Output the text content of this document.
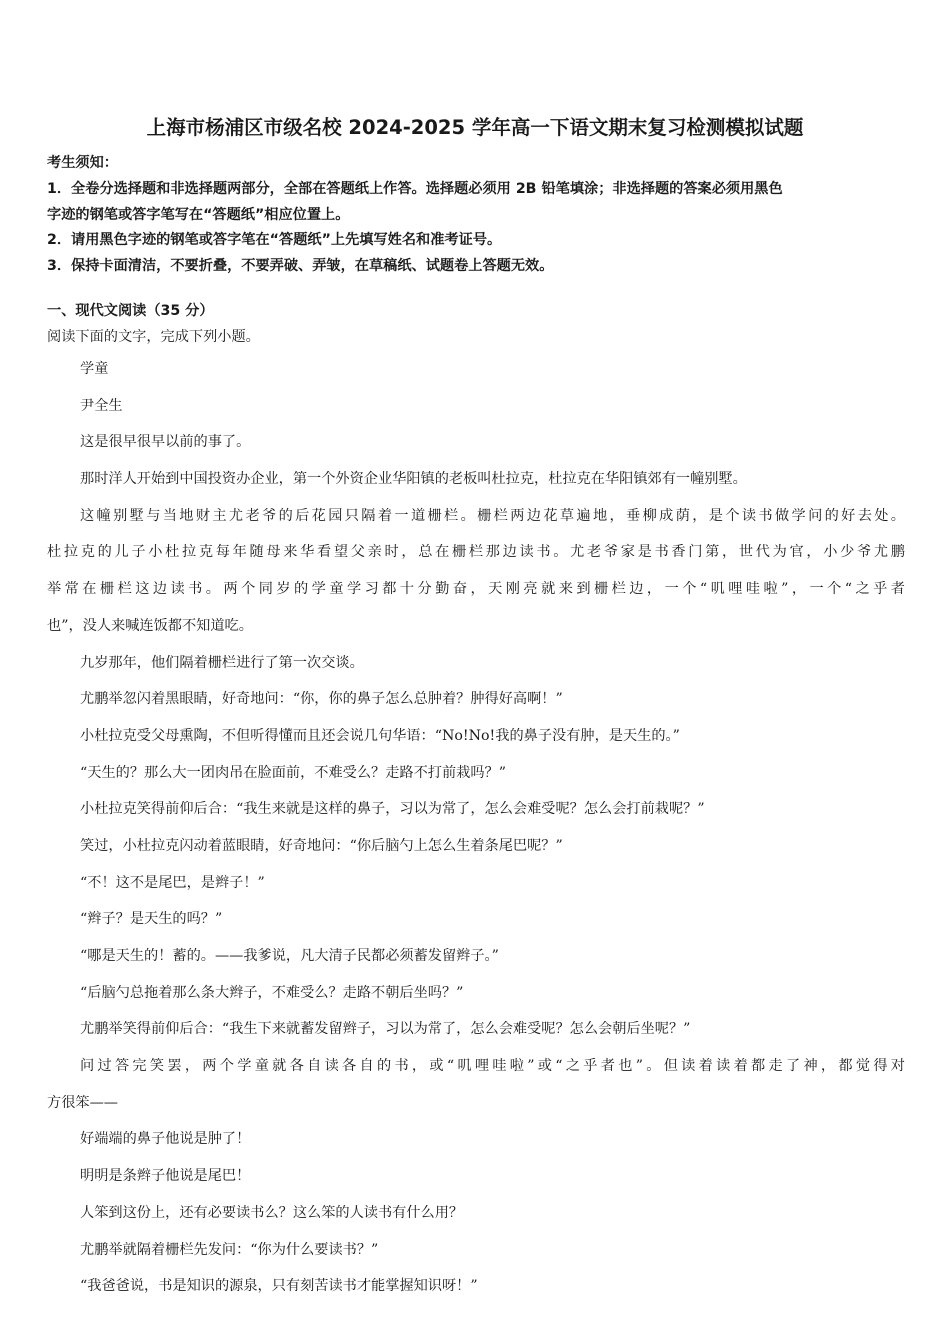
上海市杨浦区市级名校 2024-2025 学年高一下语文期末复习检测模拟试题
考生须知：
1．全卷分选择题和非选择题两部分，全部在答题纸上作答。选择题必须用 2B 铅笔填涂；非选择题的答案必须用黑色
字迹的钢笔或答字笔写在“答题纸”相应位置上。
2．请用黑色字迹的钢笔或答字笔在“答题纸”上先填写姓名和准考证号。
3．保持卡面清洁，不要折叠，不要弄破、弄皱，在草稿纸、试题卷上答题无效。
一、现代文阅读（35 分）
阅读下面的文字，完成下列小题。
学童
尹全生
这是很早很早以前的事了。
那时洋人开始到中国投资办企业，第一个外资企业华阳镇的老板叫杜拉克，杜拉克在华阳镇郊有一幢别墅。
这幢别墅与当地财主尤老爷的后花园只隔着一道栅栏。栅栏两边花草遍地，垂柳成荫，是个读书做学问的好去处。
杜拉克的儿子小杜拉克每年随母来华看望父亲时，总在栅栏那边读书。尤老爷家是书香门第，世代为官，小少爷尤鹏
举常在栅栏这边读书。两个同岁的学童学习都十分勤奋，天刚亮就来到栅栏边，一个“叽哩哇啦”，一个“之乎者
也”，没人来喊连饭都不知道吃。
九岁那年，他们隔着栅栏进行了第一次交谈。
尤鹏举忽闪着黑眼睛，好奇地问：“你，你的鼻子怎么总肿着？肿得好高啊！”
小杜拉克受父母熏陶，不但听得懂而且还会说几句华语：“No!No!我的鼻子没有肿，是天生的。”
“天生的？那么大一团肉吊在脸面前，不难受么？走路不打前栽吗？”
小杜拉克笑得前仰后合：“我生来就是这样的鼻子，习以为常了，怎么会难受呢？怎么会打前栽呢？”
笑过，小杜拉克闪动着蓝眼睛，好奇地问：“你后脑勺上怎么生着条尾巴呢？”
“不！这不是尾巴，是辫子！”
“辫子？是天生的吗？”
“哪是天生的！蓄的。——我爹说，凡大清子民都必须蓄发留辫子。”
“后脑勺总拖着那么条大辫子，不难受么？走路不朝后坐吗？”
尤鹏举笑得前仰后合：“我生下来就蓄发留辫子，习以为常了，怎么会难受呢？怎么会朝后坐呢？”
问过答完笑罢，两个学童就各自读各自的书，或“叽哩哇啦”或“之乎者也”。但读着读着都走了神，都觉得对
方很笨——
好端端的鼻子他说是肿了！
明明是条辫子他说是尾巴！
人笨到这份上，还有必要读书么？这么笨的人读书有什么用？
尤鹏举就隔着栅栏先发问：“你为什么要读书？”
“我爸爸说，书是知识的源泉，只有刻苦读书才能掌握知识呀！”
